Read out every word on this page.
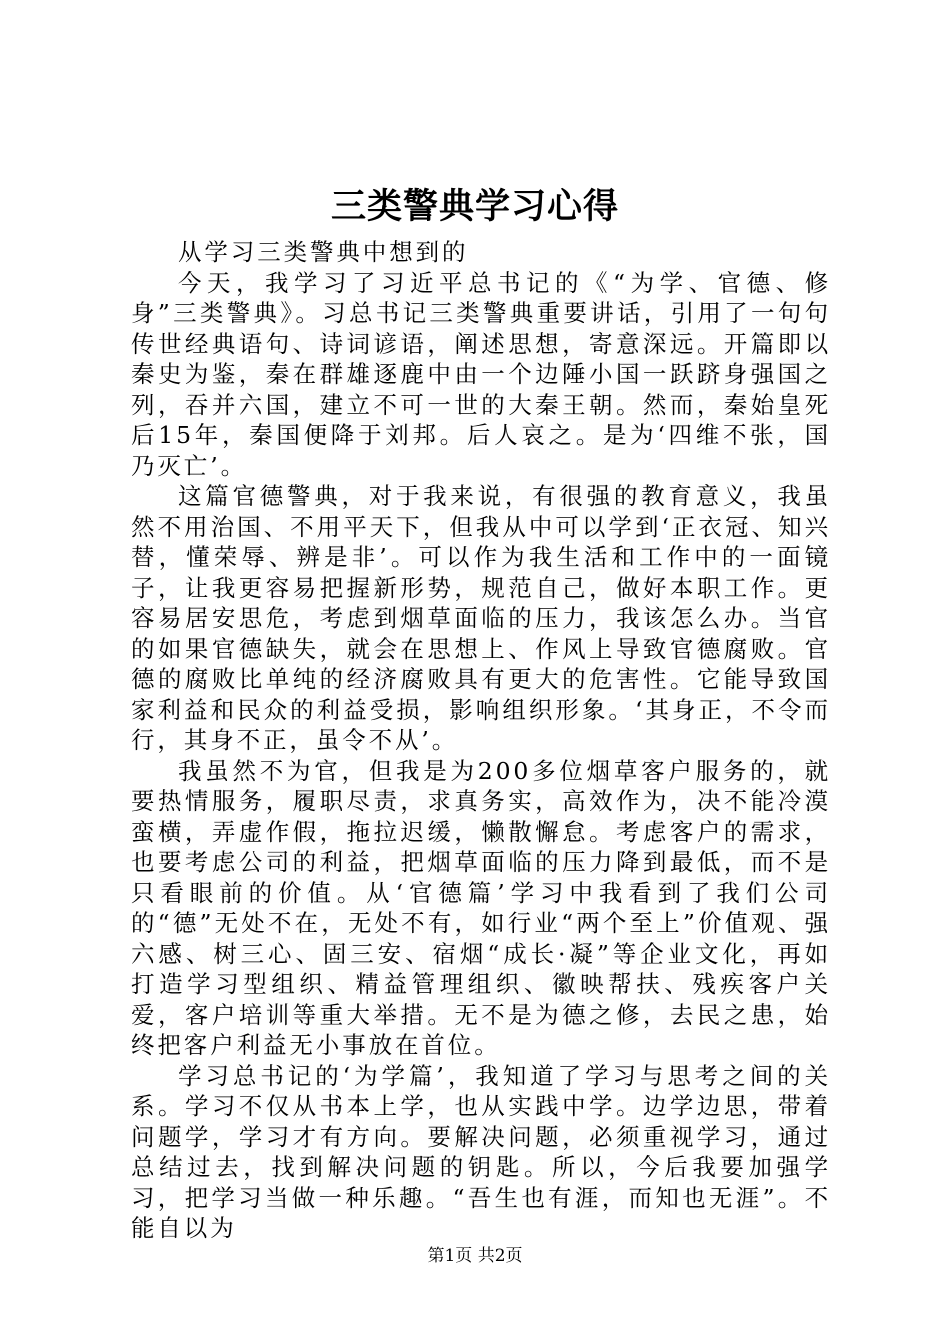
三类警典学习心得

从学习三类警典中想到的

今天，我学习了习近平总书记的《“为学、官德、修身”三类警典》。习总书记三类警典重要讲话，引用了一句句传世经典语句、诗词谚语，阐述思想，寄意深远。开篇即以秦史为鉴，秦在群雄逐鹿中由一个边陲小国一跃跻身强国之列，吞并六国，建立不可一世的大秦王朝。然而，秦始皇死后15年，秦国便降于刘邦。后人哀之。是为‘四维不张，国乃灭亡’。

这篇官德警典，对于我来说，有很强的教育意义，我虽然不用治国、不用平天下，但我从中可以学到‘正衣冠、知兴替，懂荣辱、辨是非’。可以作为我生活和工作中的一面镜子，让我更容易把握新形势，规范自己，做好本职工作。更容易居安思危，考虑到烟草面临的压力，我该怎么办。当官的如果官德缺失，就会在思想上、作风上导致官德腐败。官德的腐败比单纯的经济腐败具有更大的危害性。它能导致国家利益和民众的利益受损，影响组织形象。‘其身正，不令而行，其身不正，虽令不从’。

我虽然不为官，但我是为200多位烟草客户服务的，就要热情服务，履职尽责，求真务实，高效作为，决不能冷漠蛮横，弄虚作假，拖拉迟缓，懒散懈怠。考虑客户的需求，也要考虑公司的利益，把烟草面临的压力降到最低，而不是只看眼前的价值。从‘官德篇’学习中我看到了我们公司的“德”无处不在，无处不有，如行业“两个至上”价值观、强六感、树三心、固三安、宿烟“成长·凝”等企业文化，再如打造学习型组织、精益管理组织、徽映帮扶、残疾客户关爱，客户培训等重大举措。无不是为德之修，去民之患，始终把客户利益无小事放在首位。

学习总书记的‘为学篇’，我知道了学习与思考之间的关系。学习不仅从书本上学，也从实践中学。边学边思，带着问题学，学习才有方向。要解决问题，必须重视学习，通过总结过去，找到解决问题的钥匙。所以，今后我要加强学习，把学习当做一种乐趣。“吾生也有涯，而知也无涯”。不能自以为

第1页 共2页
